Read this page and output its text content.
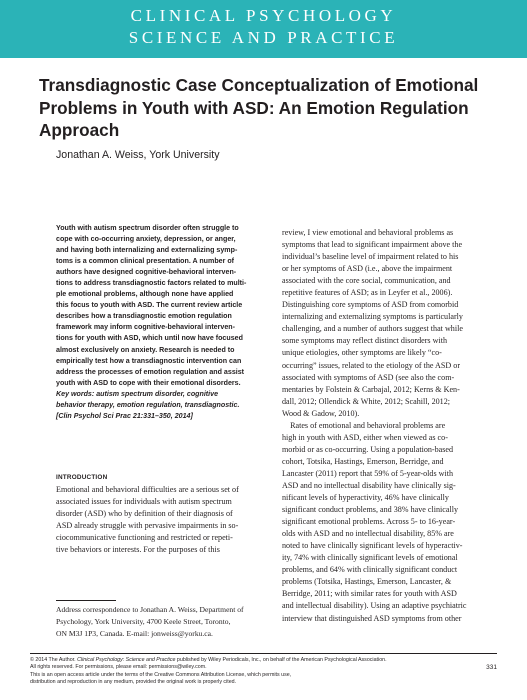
CLINICAL PSYCHOLOGY
SCIENCE AND PRACTICE
Transdiagnostic Case Conceptualization of Emotional
Problems in Youth with ASD: An Emotion Regulation
Approach
Jonathan A. Weiss, York University
Youth with autism spectrum disorder often struggle to
cope with co-occurring anxiety, depression, or anger,
and having both internalizing and externalizing symp-
toms is a common clinical presentation. A number of
authors have designed cognitive-behavioral interven-
tions to address transdiagnostic factors related to multi-
ple emotional problems, although none have applied
this focus to youth with ASD. The current review article
describes how a transdiagnostic emotion regulation
framework may inform cognitive-behavioral interven-
tions for youth with ASD, which until now have focused
almost exclusively on anxiety. Research is needed to
empirically test how a transdiagnostic intervention can
address the processes of emotion regulation and assist
youth with ASD to cope with their emotional disorders.
Key words: autism spectrum disorder, cognitive
behavior therapy, emotion regulation, transdiagnostic.
[Clin Psychol Sci Prac 21:331–350, 2014]
INTRODUCTION
Emotional and behavioral difficulties are a serious set of
associated issues for individuals with autism spectrum
disorder (ASD) who by definition of their diagnosis of
ASD already struggle with pervasive impairments in so-
ciocommunicative functioning and restricted or repeti-
tive behaviors or interests. For the purposes of this
Address correspondence to Jonathan A. Weiss, Department of
Psychology, York University, 4700 Keele Street, Toronto,
ON M3J 1P3, Canada. E-mail: jonweiss@yorku.ca.
review, I view emotional and behavioral problems as
symptoms that lead to significant impairment above the
individual’s baseline level of impairment related to his
or her symptoms of ASD (i.e., above the impairment
associated with the core social, communication, and
repetitive features of ASD; as in Leyfer et al., 2006).
Distinguishing core symptoms of ASD from comorbid
internalizing and externalizing symptoms is particularly
challenging, and a number of authors suggest that while
some symptoms may reflect distinct disorders with
unique etiologies, other symptoms are likely “co-
occurring” issues, related to the etiology of the ASD or
associated with symptoms of ASD (see also the com-
mentaries by Folstein & Carbajal, 2012; Kerns & Ken-
dall, 2012; Ollendick & White, 2012; Scahill, 2012;
Wood & Gadow, 2010).
Rates of emotional and behavioral problems are
high in youth with ASD, either when viewed as co-
morbid or as co-occurring. Using a population-based
cohort, Totsika, Hastings, Emerson, Berridge, and
Lancaster (2011) report that 59% of 5-year-olds with
ASD and no intellectual disability have clinically sig-
nificant levels of hyperactivity, 46% have clinically
significant conduct problems, and 38% have clinically
significant emotional problems. Across 5- to 16-year-
olds with ASD and no intellectual disability, 85% are
noted to have clinically significant levels of hyperactiv-
ity, 74% with clinically significant levels of emotional
problems, and 64% with clinically significant conduct
problems (Totsika, Hastings, Emerson, Lancaster, &
Berridge, 2011; with similar rates for youth with ASD
and intellectual disability). Using an adaptive psychiatric
interview that distinguished ASD symptoms from other
© 2014 The Author. Clinical Psychology: Science and Practice published by Wiley Periodicals, Inc., on behalf of the American Psychological Association.
All rights reserved. For permissions, please email: permissions@wiley.com.
This is an open access article under the terms of the Creative Commons Attribution License, which permits use,
distribution and reproduction in any medium, provided the original work is properly cited.
331
